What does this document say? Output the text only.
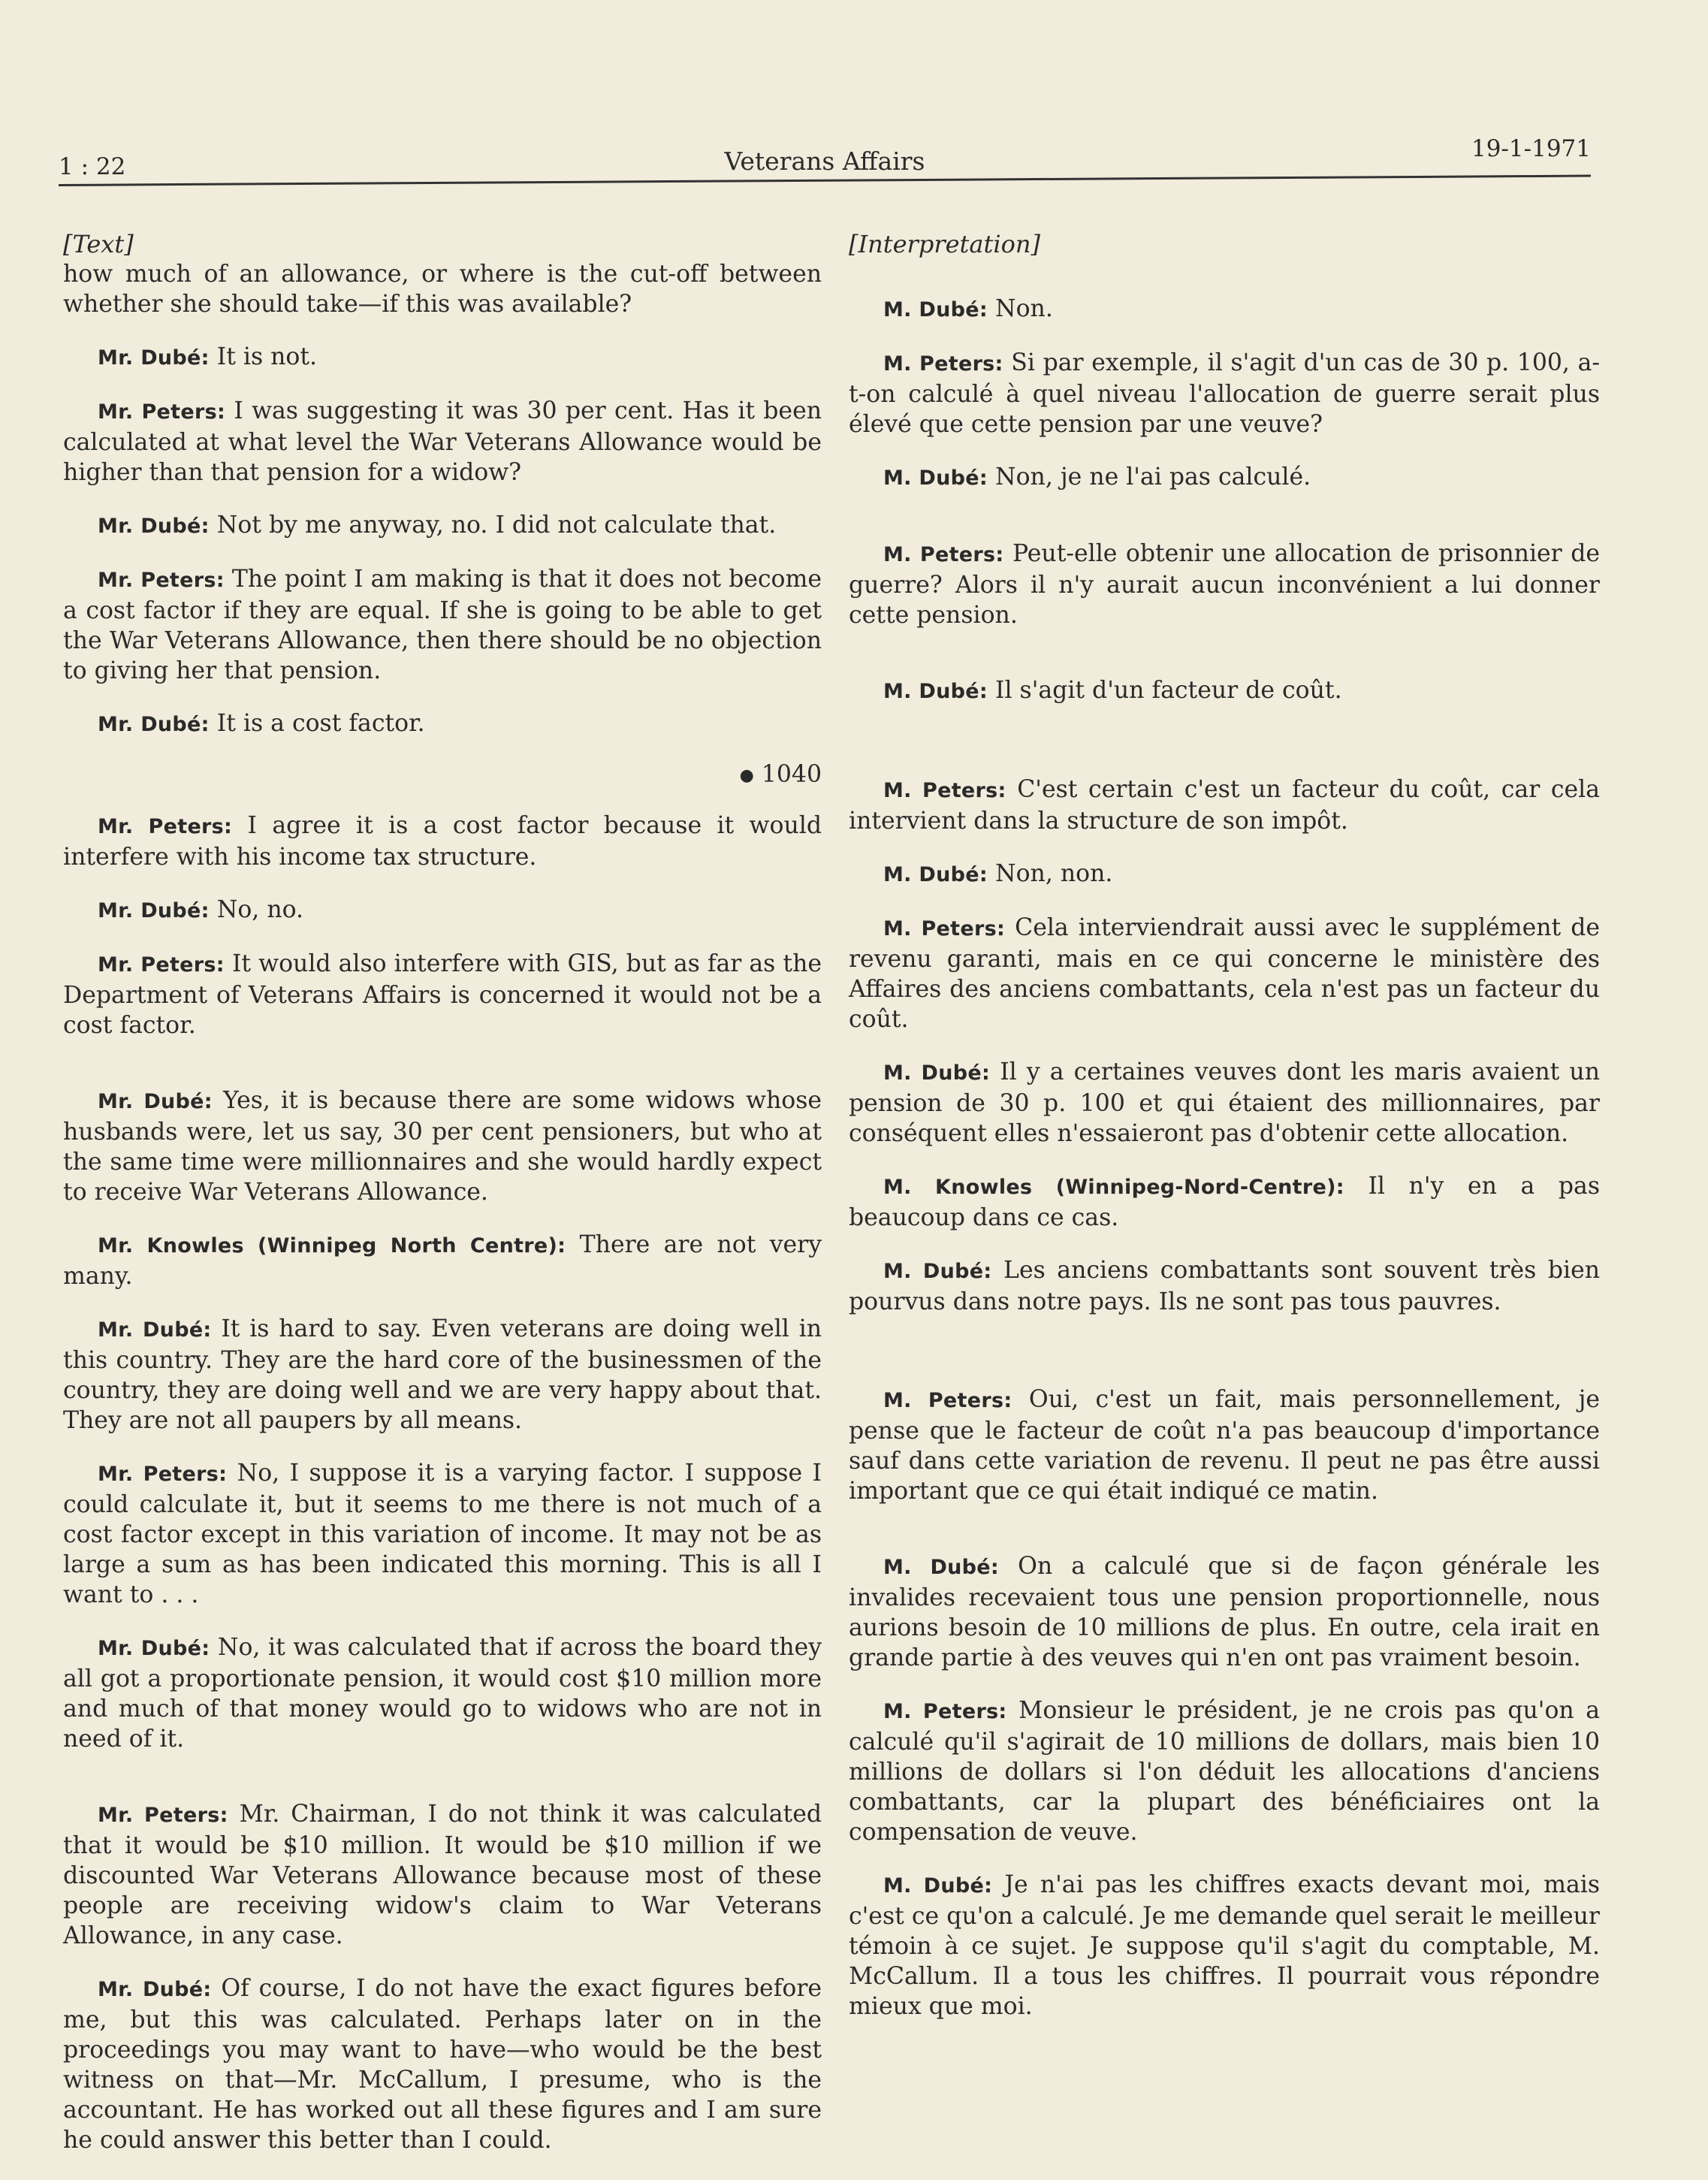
1 : 22	Veterans Affairs	19-1-1971
[Text]

how much of an allowance, or where is the cut-off between whether she should take—if this was available?

Mr. Dubé: It is not.

Mr. Peters: I was suggesting it was 30 per cent. Has it been calculated at what level the War Veterans Allowance would be higher than that pension for a widow?

Mr. Dubé: Not by me anyway, no. I did not calculate that.

Mr. Peters: The point I am making is that it does not become a cost factor if they are equal. If she is going to be able to get the War Veterans Allowance, then there should be no objection to giving her that pension.

Mr. Dubé: It is a cost factor.

● 1040

Mr. Peters: I agree it is a cost factor because it would interfere with his income tax structure.

Mr. Dubé: No, no.

Mr. Peters: It would also interfere with GIS, but as far as the Department of Veterans Affairs is concerned it would not be a cost factor.

Mr. Dubé: Yes, it is because there are some widows whose husbands were, let us say, 30 per cent pensioners, but who at the same time were millionnaires and she would hardly expect to receive War Veterans Allowance.

Mr. Knowles (Winnipeg North Centre): There are not very many.

Mr. Dubé: It is hard to say. Even veterans are doing well in this country. They are the hard core of the businessmen of the country, they are doing well and we are very happy about that. They are not all paupers by all means.

Mr. Peters: No, I suppose it is a varying factor. I suppose I could calculate it, but it seems to me there is not much of a cost factor except in this variation of income. It may not be as large a sum as has been indicated this morning. This is all I want to . . .

Mr. Dubé: No, it was calculated that if across the board they all got a proportionate pension, it would cost $10 million more and much of that money would go to widows who are not in need of it.

Mr. Peters: Mr. Chairman, I do not think it was calculated that it would be $10 million. It would be $10 million if we discounted War Veterans Allowance because most of these people are receiving widow's claim to War Veterans Allowance, in any case.

Mr. Dubé: Of course, I do not have the exact figures before me, but this was calculated. Perhaps later on in the proceedings you may want to have—who would be the best witness on that—Mr. McCallum, I presume, who is the accountant. He has worked out all these figures and I am sure he could answer this better than I could.

[Interpretation]

M. Dubé: Non.

M. Peters: Si par exemple, il s'agit d'un cas de 30 p. 100, a-t-on calculé à quel niveau l'allocation de guerre serait plus élevé que cette pension par une veuve?

M. Dubé: Non, je ne l'ai pas calculé.

M. Peters: Peut-elle obtenir une allocation de prisonnier de guerre? Alors il n'y aurait aucun inconvénient a lui donner cette pension.

M. Dubé: Il s'agit d'un facteur de coût.

M. Peters: C'est certain c'est un facteur du coût, car cela intervient dans la structure de son impôt.

M. Dubé: Non, non.

M. Peters: Cela interviendrait aussi avec le supplément de revenu garanti, mais en ce qui concerne le ministère des Affaires des anciens combattants, cela n'est pas un facteur du coût.

M. Dubé: Il y a certaines veuves dont les maris avaient un pension de 30 p. 100 et qui étaient des millionnaires, par conséquent elles n'essaieront pas d'obtenir cette allocation.

M. Knowles (Winnipeg-Nord-Centre): Il n'y en a pas beaucoup dans ce cas.

M. Dubé: Les anciens combattants sont souvent très bien pourvus dans notre pays. Ils ne sont pas tous pauvres.

M. Peters: Oui, c'est un fait, mais personnellement, je pense que le facteur de coût n'a pas beaucoup d'importance sauf dans cette variation de revenu. Il peut ne pas être aussi important que ce qui était indiqué ce matin.

M. Dubé: On a calculé que si de façon générale les invalides recevaient tous une pension proportionnelle, nous aurions besoin de 10 millions de plus. En outre, cela irait en grande partie à des veuves qui n'en ont pas vraiment besoin.

M. Peters: Monsieur le président, je ne crois pas qu'on a calculé qu'il s'agirait de 10 millions de dollars, mais bien 10 millions de dollars si l'on déduit les allocations d'anciens combattants, car la plupart des bénéficiaires ont la compensation de veuve.

M. Dubé: Je n'ai pas les chiffres exacts devant moi, mais c'est ce qu'on a calculé. Je me demande quel serait le meilleur témoin à ce sujet. Je suppose qu'il s'agit du comptable, M. McCallum. Il a tous les chiffres. Il pourrait vous répondre mieux que moi.
